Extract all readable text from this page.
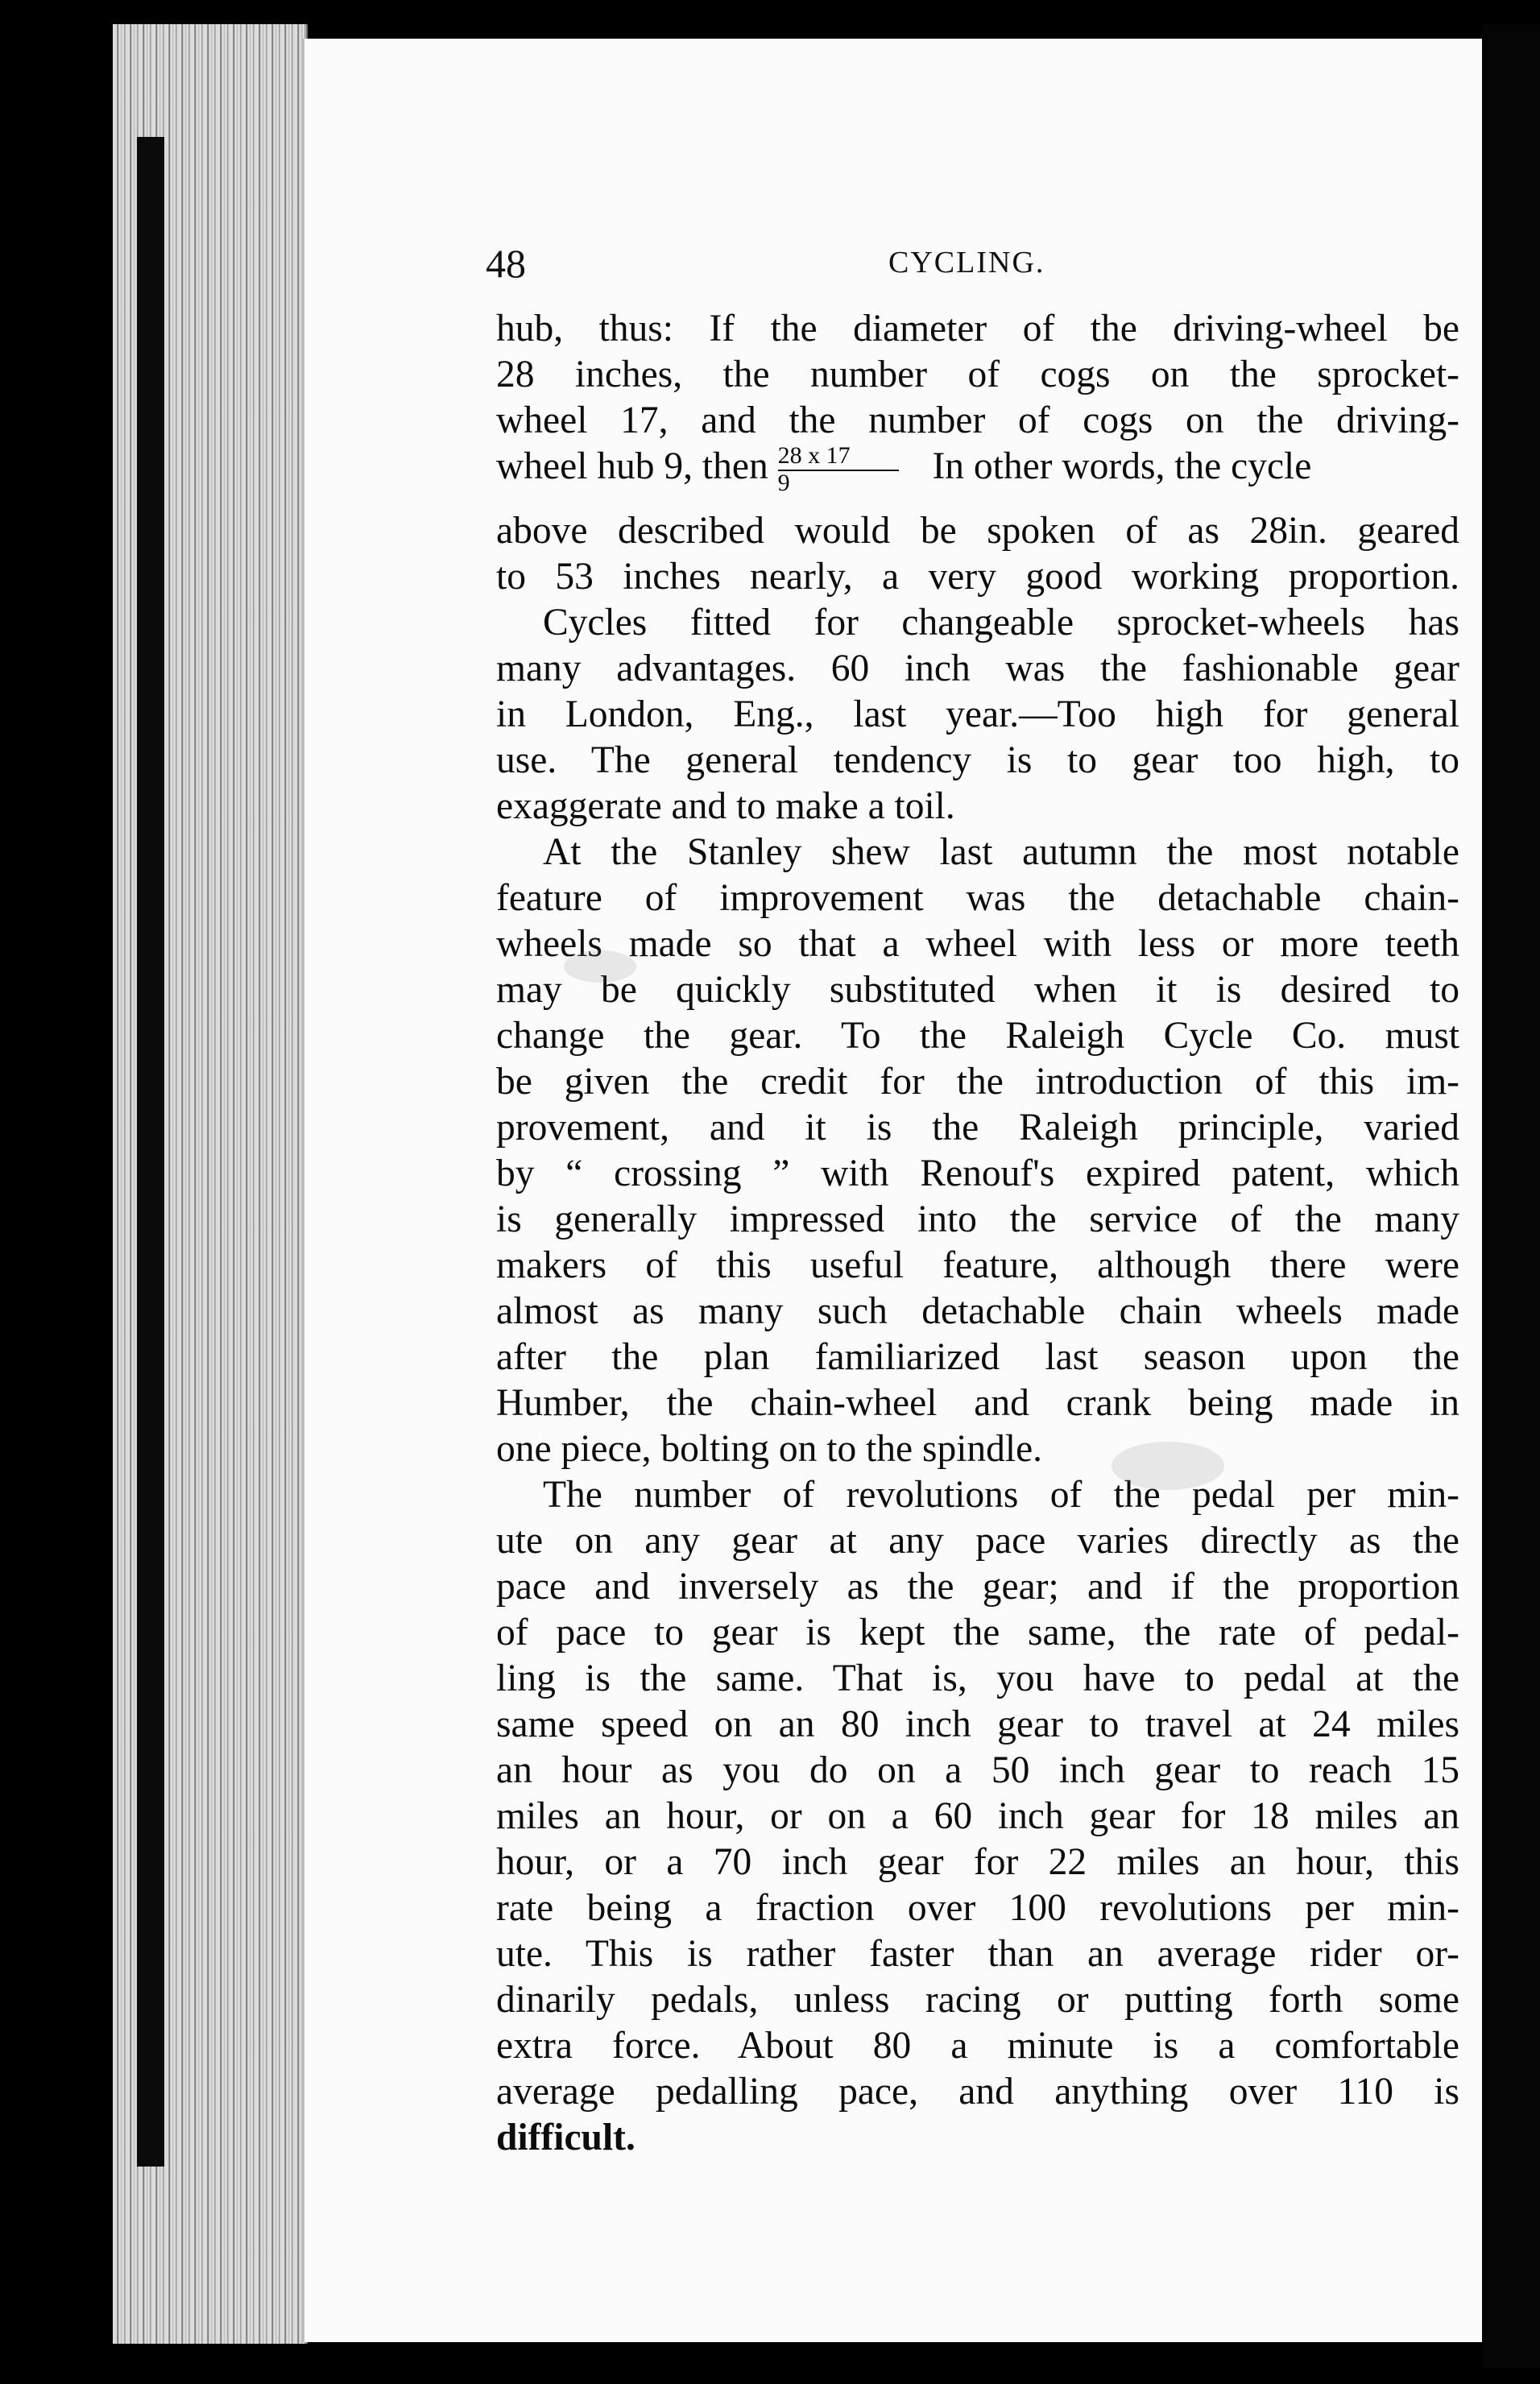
48	CYCLING.
hub, thus: If the diameter of the driving-wheel be
28 inches, the number of cogs on the sprocket-
wheel 17, and the number of cogs on the driving-
wheel hub 9, then $\frac{28 x 17}{9}$ In other words, the cycle
above described would be spoken of as 28in. geared
to 53 inches nearly, a very good working proportion.
Cycles fitted for changeable sprocket-wheels has
many advantages. 60 inch was the fashionable gear
in London, Eng., last year.—Too high for general
use. The general tendency is to gear too high, to
exaggerate and to make a toil.
At the Stanley shew last autumn the most notable
feature of improvement was the detachable chain-
wheels made so that a wheel with less or more teeth
may be quickly substituted when it is desired to
change the gear. To the Raleigh Cycle Co. must
be given the credit for the introduction of this im-
provement, and it is the Raleigh principle, varied
by “ crossing ” with Renouf's expired patent, which
is generally impressed into the service of the many
makers of this useful feature, although there were
almost as many such detachable chain wheels made
after the plan familiarized last season upon the
Humber, the chain-wheel and crank being made in
one piece, bolting on to the spindle.
The number of revolutions of the pedal per min-
ute on any gear at any pace varies directly as the
pace and inversely as the gear; and if the proportion
of pace to gear is kept the same, the rate of pedal-
ling is the same. That is, you have to pedal at the
same speed on an 80 inch gear to travel at 24 miles
an hour as you do on a 50 inch gear to reach 15
miles an hour, or on a 60 inch gear for 18 miles an
hour, or a 70 inch gear for 22 miles an hour, this
rate being a fraction over 100 revolutions per min-
ute. This is rather faster than an average rider or-
dinarily pedals, unless racing or putting forth some
extra force. About 80 a minute is a comfortable
average pedalling pace, and anything over 110 is
difficult.
